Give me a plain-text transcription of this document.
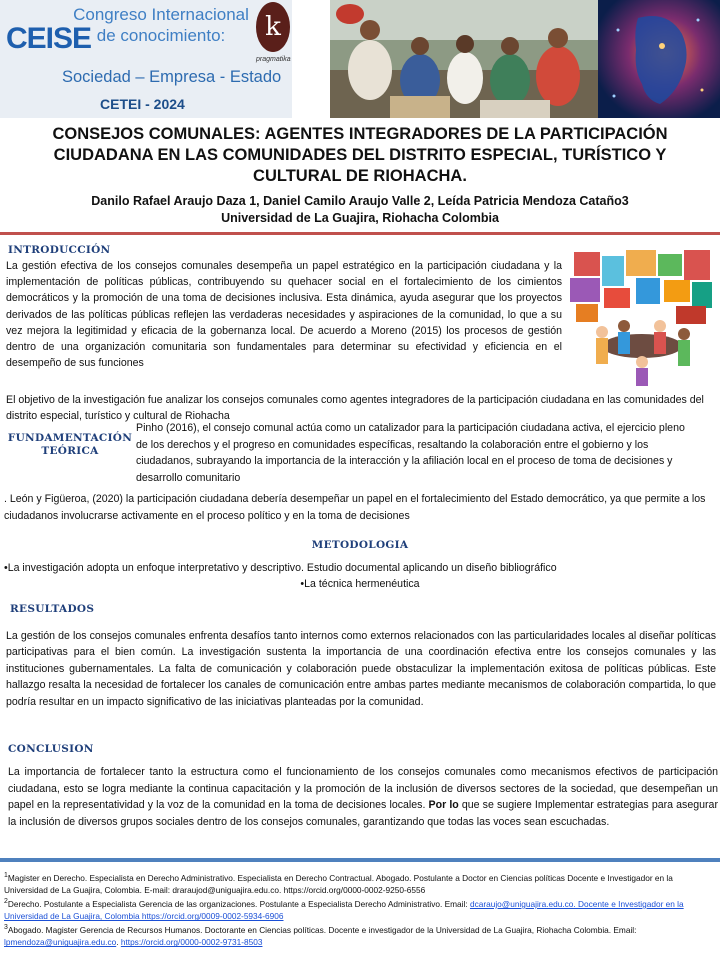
CEISE
Congreso Internacional de conocimiento:
Sociedad – Empresa - Estado
CETEI - 2024
k
pragmatika
CONSEJOS COMUNALES: AGENTES INTEGRADORES DE LA PARTICIPACIÓN CIUDADANA EN LAS COMUNIDADES DEL DISTRITO ESPECIAL, TURÍSTICO Y CULTURAL DE RIOHACHA.
Danilo Rafael Araujo Daza 1, Daniel Camilo Araujo Valle 2, Leída Patricia Mendoza Cataño3
Universidad de La Guajira, Riohacha Colombia
INTRODUCCIÓN
La gestión efectiva de los consejos comunales desempeña un papel estratégico en la participación ciudadana y la implementación de políticas públicas, contribuyendo su quehacer social en el fortalecimiento de los cimientos democráticos y la promoción de una toma de decisiones inclusiva. Esta dinámica, ayuda asegurar que los proyectos derivados de las políticas públicas reflejen las verdaderas necesidades y aspiraciones de la comunidad, lo que a su vez mejora la legitimidad y eficacia de la gobernanza local. De acuerdo a Moreno (2015) los procesos de gestión dentro de una organización comunitaria son fundamentales para determinar su efectividad y eficiencia en el desempeño de sus funciones
El objetivo de la investigación fue analizar los consejos comunales como agentes integradores de la participación ciudadana en las comunidades del distrito especial, turístico y cultural de Riohacha
FUNDAMENTACIÓN TEÓRICA
Pinho (2016), el consejo comunal actúa como un catalizador para la participación ciudadana activa, el ejercicio pleno de los derechos y el progreso en comunidades específicas, resaltando la colaboración entre el gobierno y los ciudadanos, subrayando la importancia de la interacción y la afiliación local en el proceso de toma de decisiones y desarrollo comunitario
. León y Figüeroa, (2020) la participación ciudadana debería desempeñar un papel en el fortalecimiento del Estado democrático, ya que permite a los ciudadanos involucrarse activamente en el proceso político y en la toma de decisiones
METODOLOGIA
•La investigación adopta un enfoque interpretativo y descriptivo. Estudio documental aplicando un diseño bibliográfico
•La técnica hermenéutica
RESULTADOS
La gestión de los consejos comunales enfrenta desafíos tanto internos como externos relacionados con las particularidades locales al diseñar políticas participativas para el bien común. La investigación sustenta la importancia de una coordinación efectiva entre los consejos comunales y las instituciones gubernamentales. La falta de comunicación y colaboración puede obstaculizar la implementación exitosa de políticas públicas. Este hallazgo resalta la necesidad de fortalecer los canales de comunicación entre ambas partes mediante mecanismos de colaboración compartida, lo que podría resultar en un impacto significativo de las iniciativas planteadas por la comunidad.
CONCLUSION
La importancia de fortalecer tanto la estructura como el funcionamiento de los consejos comunales como mecanismos efectivos de participación ciudadana, esto se logra mediante la continua capacitación y la promoción de la inclusión de diversos sectores de la sociedad, que desempeñan un papel en la representatividad y la voz de la comunidad en la toma de decisiones locales. Por lo que se sugiere Implementar estrategias para asegurar la inclusión de diversos grupos sociales dentro de los consejos comunales, garantizando que todas las voces sean escuchadas.
$^1$Magister en Derecho. Especialista en Derecho Administrativo. Especialista en Derecho Contractual. Abogado. Postulante a Doctor en Ciencias políticas Docente e Investigador en la Universidad de La Guajira, Colombia. E-mail: draraujod@uniguajira.edu.co. https://orcid.org/0000-0002-9250-6556
$^2$Derecho. Postulante a Especialista Gerencia de las organizaciones. Postulante a Especialista Derecho Administrativo. Email: dcaraujo@uniguajira.edu.co. Docente e Investigador en la Universidad de La Guajira, Colombia https://orcid.org/0009-0002-5934-6906
$^3$Abogado. Magister Gerencia de Recursos Humanos. Doctorante en Ciencias políticas. Docente e investigador de la Universidad de La Guajira, Riohacha Colombia. Email: lpmendoza@uniguajira.edu.co. https://orcid.org/0000-0002-9731-8503
